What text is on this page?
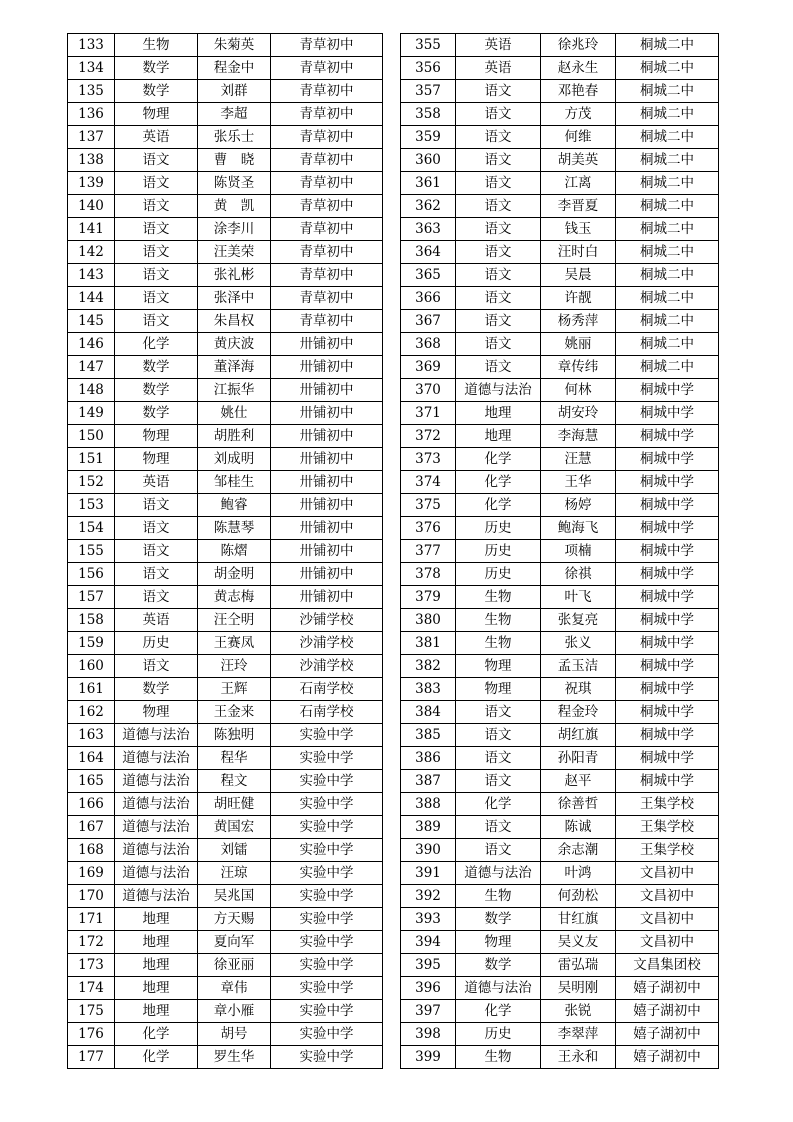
133	生物	朱菊英	青草初中
134	数学	程金中	青草初中
135	数学	刘群	青草初中
136	物理	李超	青草初中
137	英语	张乐士	青草初中
138	语文	曹　晓	青草初中
139	语文	陈贤圣	青草初中
140	语文	黄　凯	青草初中
141	语文	涂李川	青草初中
142	语文	汪美荣	青草初中
143	语文	张礼彬	青草初中
144	语文	张泽中	青草初中
145	语文	朱昌权	青草初中
146	化学	黄庆波	卅铺初中
147	数学	董泽海	卅铺初中
148	数学	江振华	卅铺初中
149	数学	姚仕	卅铺初中
150	物理	胡胜利	卅铺初中
151	物理	刘成明	卅铺初中
152	英语	邹桂生	卅铺初中
153	语文	鲍睿	卅铺初中
154	语文	陈慧琴	卅铺初中
155	语文	陈熠	卅铺初中
156	语文	胡金明	卅铺初中
157	语文	黄志梅	卅铺初中
158	英语	汪仝明	沙铺学校
159	历史	王赛凤	沙浦学校
160	语文	汪玲	沙浦学校
161	数学	王辉	石南学校
162	物理	王金来	石南学校
163	道德与法治	陈独明	实验中学
164	道德与法治	程华	实验中学
165	道德与法治	程文	实验中学
166	道德与法治	胡旺健	实验中学
167	道德与法治	黄国宏	实验中学
168	道德与法治	刘镭	实验中学
169	道德与法治	汪琼	实验中学
170	道德与法治	吴兆国	实验中学
171	地理	方天赐	实验中学
172	地理	夏向军	实验中学
173	地理	徐亚丽	实验中学
174	地理	章伟	实验中学
175	地理	章小雁	实验中学
176	化学	胡号	实验中学
177	化学	罗生华	实验中学
355	英语	徐兆玲	桐城二中
356	英语	赵永生	桐城二中
357	语文	邓艳春	桐城二中
358	语文	方茂	桐城二中
359	语文	何维	桐城二中
360	语文	胡美英	桐城二中
361	语文	江离	桐城二中
362	语文	李晋夏	桐城二中
363	语文	钱玉	桐城二中
364	语文	汪时白	桐城二中
365	语文	吴晨	桐城二中
366	语文	许靓	桐城二中
367	语文	杨秀萍	桐城二中
368	语文	姚丽	桐城二中
369	语文	章传纬	桐城二中
370	道德与法治	何林	桐城中学
371	地理	胡安玲	桐城中学
372	地理	李海慧	桐城中学
373	化学	汪慧	桐城中学
374	化学	王华	桐城中学
375	化学	杨婷	桐城中学
376	历史	鲍海飞	桐城中学
377	历史	项楠	桐城中学
378	历史	徐祺	桐城中学
379	生物	叶飞	桐城中学
380	生物	张复亮	桐城中学
381	生物	张义	桐城中学
382	物理	孟玉洁	桐城中学
383	物理	祝琪	桐城中学
384	语文	程金玲	桐城中学
385	语文	胡红旗	桐城中学
386	语文	孙阳青	桐城中学
387	语文	赵平	桐城中学
388	化学	徐善哲	王集学校
389	语文	陈诚	王集学校
390	语文	余志潮	王集学校
391	道德与法治	叶鸿	文昌初中
392	生物	何劲松	文昌初中
393	数学	甘红旗	文昌初中
394	物理	吴义友	文昌初中
395	数学	雷弘瑞	文昌集团校
396	道德与法治	吴明刚	嬉子湖初中
397	化学	张锐	嬉子湖初中
398	历史	李翠萍	嬉子湖初中
399	生物	王永和	嬉子湖初中
